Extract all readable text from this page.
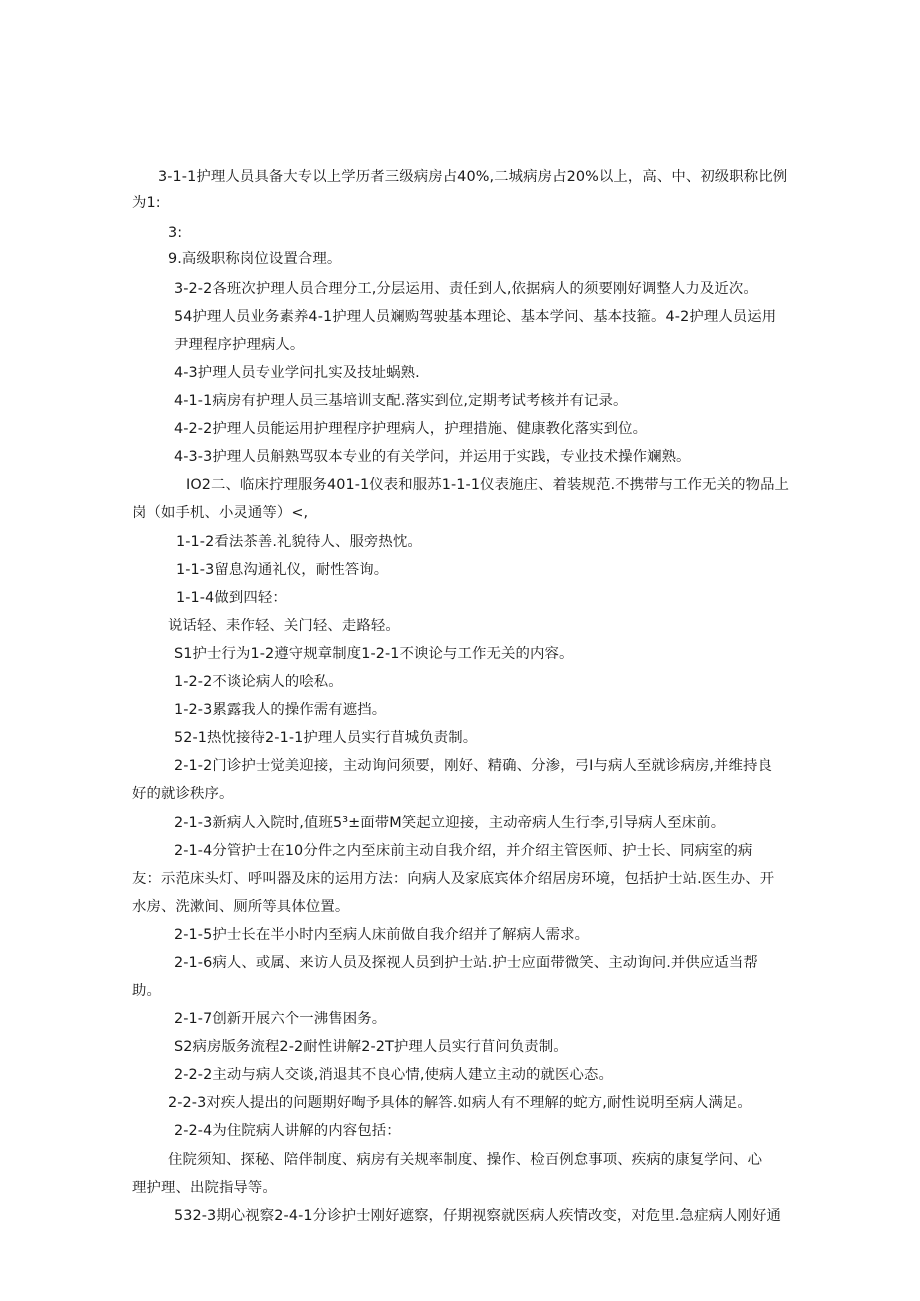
3-1-1护理人员具备大专以上学历者三级病房占40%,二城病房占20%以上，高、中、初级职称比例
为1:
3:
9.高级职称岗位设置合理。
3-2-2各班次护理人员合理分工,分层运用、责任到人,依据病人的须要刚好调整人力及近次。
54护理人员业务素养4-1护理人员斓购驾驶基本理论、基本学问、基本技箍。4-2护理人员运用
尹理程序护理病人。
4-3护理人员专业学问扎实及技址蜗熟.
4-1-1病房有护理人员三基培训支配.落实到位,定期考试考核并有记录。
4-2-2护理人员能运用护理程序护理病人，护理措施、健康教化落实到位。
4-3-3护理人员斛熟骂驭本专业的有关学问，并运用于实践，专业技术操作斓熟。
IO2二、临床拧理服务401-1仪表和服苏1-1-1仪表施庄、着装规范.不携带与工作无关的物品上
岗（如手机、小灵通等）<,
1-1-2看法茶善.礼貌待人、服旁热忱。
1-1-3留息沟通礼仪，耐性答询。
1-1-4做到四轻：
说话轻、耒作轻、关门轻、走路轻。
S1护士行为1-2遵守规章制度1-2-1不谀论与工作无关的内容。
1-2-2不谈论病人的哙私。
1-2-3累露我人的操作需有遮挡。
52-1热忱接待2-1-1护理人员实行苜城负责制。
2-1-2门诊护士觉美迎接，主动询问须要，刚好、精确、分渗，弓I与病人至就诊病房,并维持良
好的就诊秩序。
2-1-3新病人入院时,值班5³±面带M笑起立迎接，主动帝病人生行李,引导病人至床前。
2-1-4分管护士在10分件之内至床前主动自我介绍，并介绍主管医师、护士长、同病室的病
友：示范床头灯、呼叫器及床的运用方法：向病人及家底宾体介绍居房环境，包括护士站.医生办、开
水房、洗漱间、厕所等具体位置。
2-1-5护士长在半小时内至病人床前做自我介绍并了解病人需求。
2-1-6病人、或属、来访人员及探视人员到护士站.护士应面带微笑、主动询问.并供应适当帮
助。
2-1-7创新开展六个一沸售困务。
S2病房版务流程2-2耐性讲解2-2T护理人员实行苜问负责制。
2-2-2主动与病人交谈,消退其不良心情,使病人建立主动的就医心态。
2-2-3对疾人提出的问题期好啕予具体的解答.如病人有不理解的蛇方,耐性说明至病人满足。
2-2-4为住院病人讲解的内容包括：
住院须知、探秘、陪伴制度、病房有关规率制度、操作、检百例怠事项、疾病的康复学问、心
理护理、出院指导等。
532-3期心视察2-4-1分诊护士刚好遮察，仔期视察就医病人疾情改变，对危里.急症病人刚好通
